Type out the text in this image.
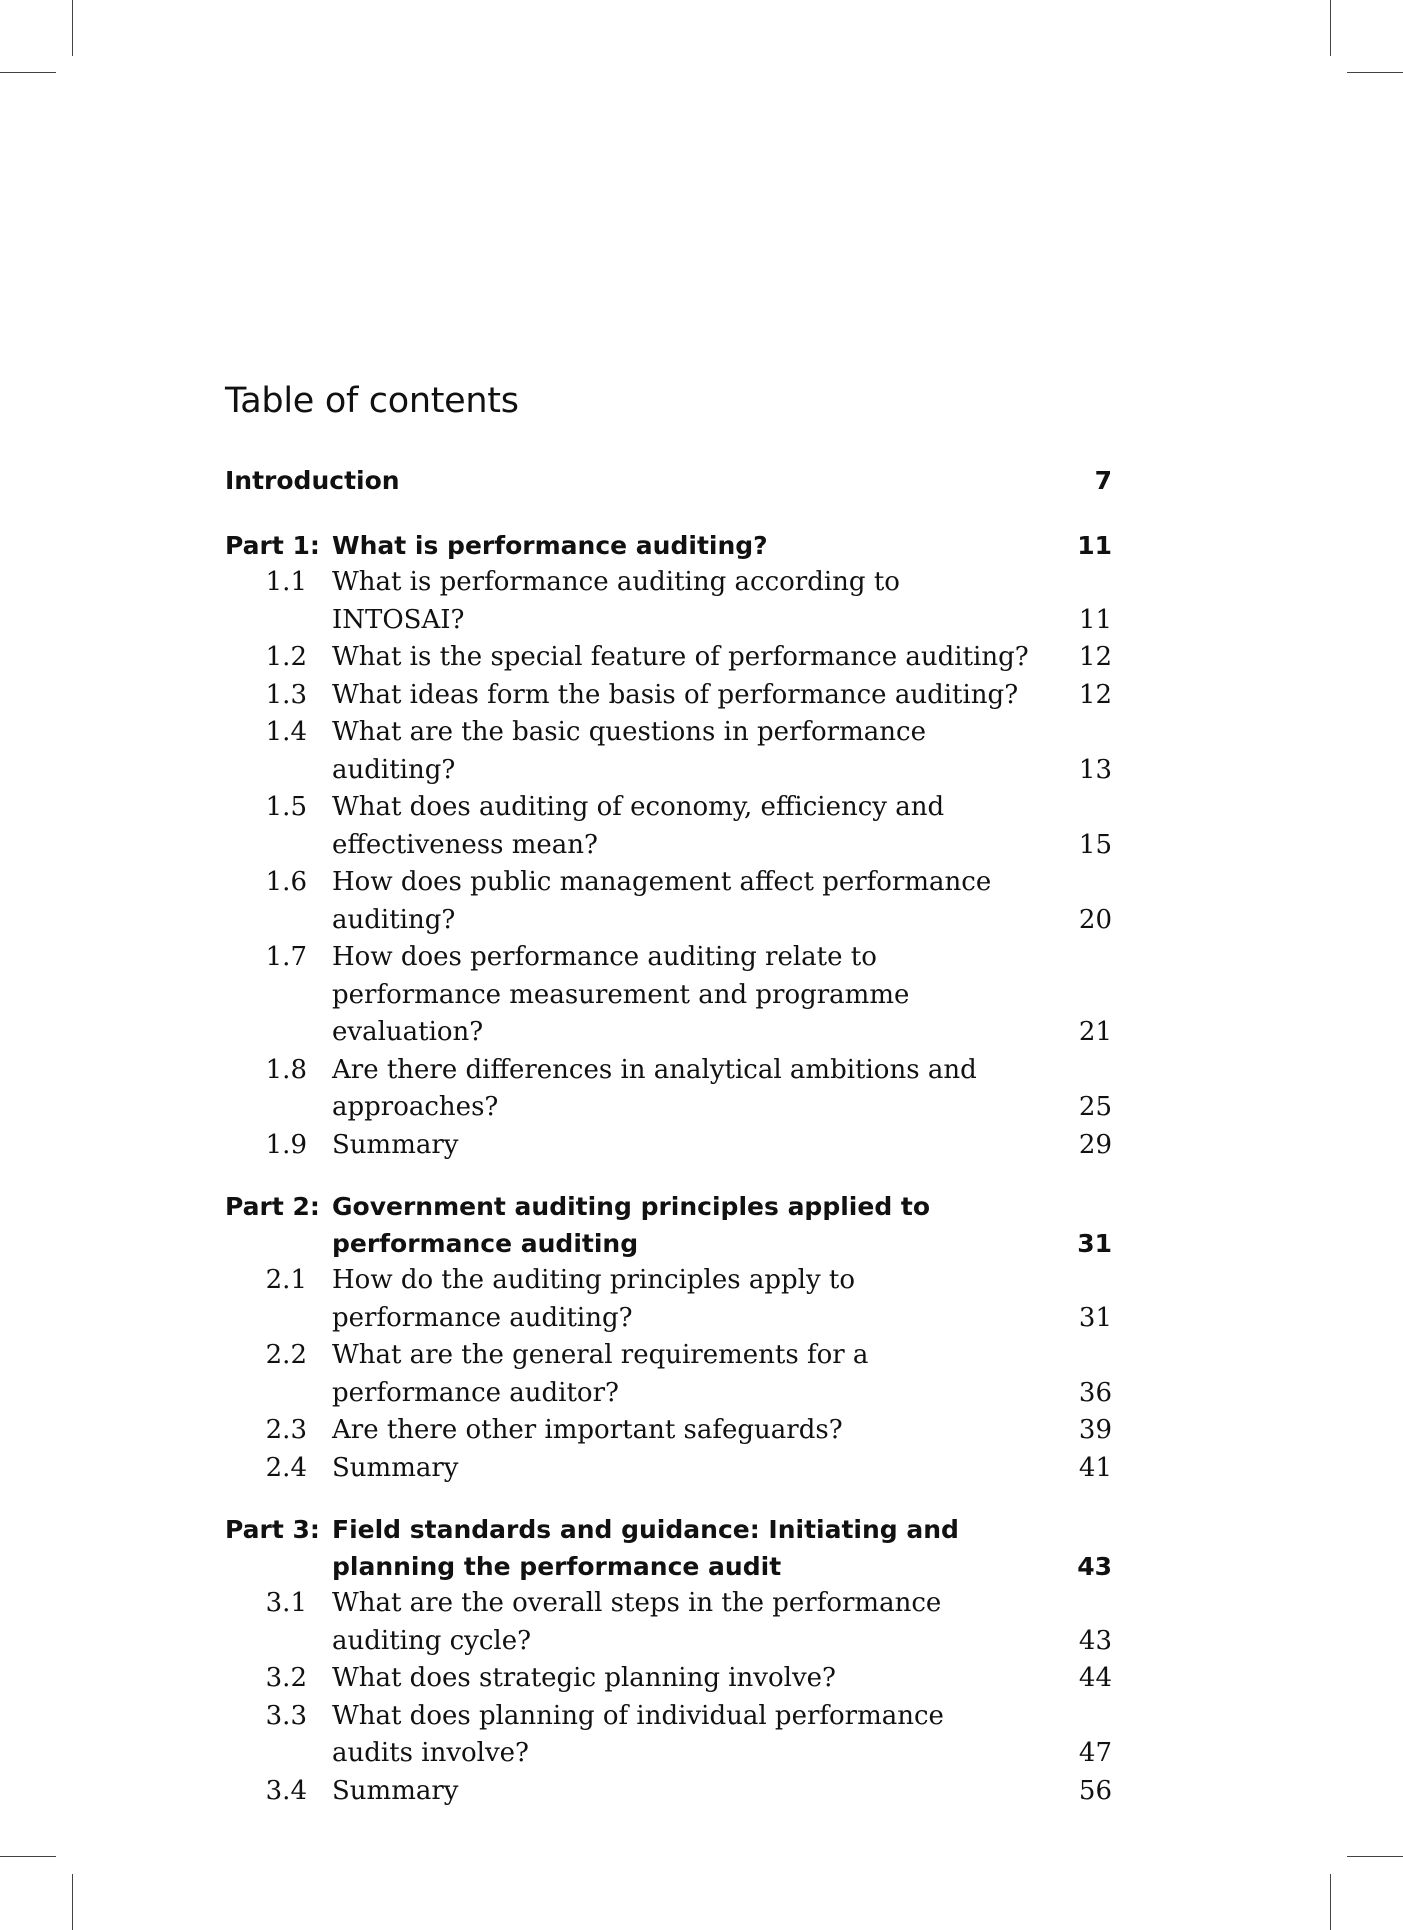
Table of contents
Introduction	7
Part 1: What is performance auditing?	11
1.1 What is performance auditing according to INTOSAI?	11
1.2 What is the special feature of performance auditing? 12
1.3 What ideas form the basis of performance auditing?	12
1.4 What are the basic questions in performance auditing?	13
1.5 What does auditing of economy, efficiency and effectiveness mean?	15
1.6 How does public management affect performance auditing?	20
1.7 How does performance auditing relate to performance measurement and programme evaluation?	21
1.8 Are there differences in analytical ambitions and approaches?	25
1.9 Summary	29
Part 2: Government auditing principles applied to performance auditing	31
2.1 How do the auditing principles apply to performance auditing?	31
2.2 What are the general requirements for a performance auditor?	36
2.3 Are there other important safeguards?	39
2.4 Summary	41
Part 3: Field standards and guidance: Initiating and planning the performance audit	43
3.1 What are the overall steps in the performance auditing cycle?	43
3.2 What does strategic planning involve?	44
3.3 What does planning of individual performance audits involve?	47
3.4 Summary	56
